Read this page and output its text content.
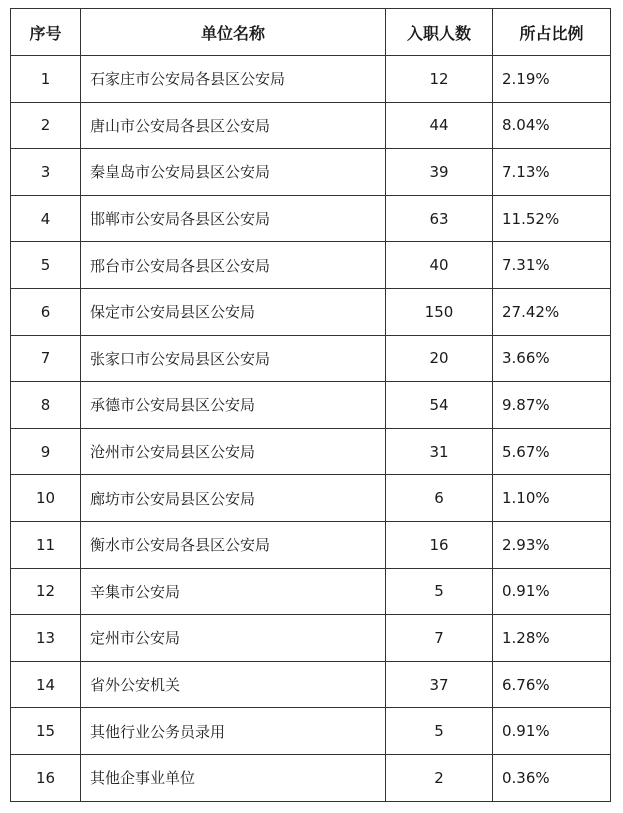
序号	单位名称	入职人数	所占比例
1	石家庄市公安局各县区公安局	12	2.19%
2	唐山市公安局各县区公安局	44	8.04%
3	秦皇岛市公安局县区公安局	39	7.13%
4	邯郸市公安局各县区公安局	63	11.52%
5	邢台市公安局各县区公安局	40	7.31%
6	保定市公安局县区公安局	150	27.42%
7	张家口市公安局县区公安局	20	3.66%
8	承德市公安局县区公安局	54	9.87%
9	沧州市公安局县区公安局	31	5.67%
10	廊坊市公安局县区公安局	6	1.10%
11	衡水市公安局各县区公安局	16	2.93%
12	辛集市公安局	5	0.91%
13	定州市公安局	7	1.28%
14	省外公安机关	37	6.76%
15	其他行业公务员录用	5	0.91%
16	其他企事业单位	2	0.36%
